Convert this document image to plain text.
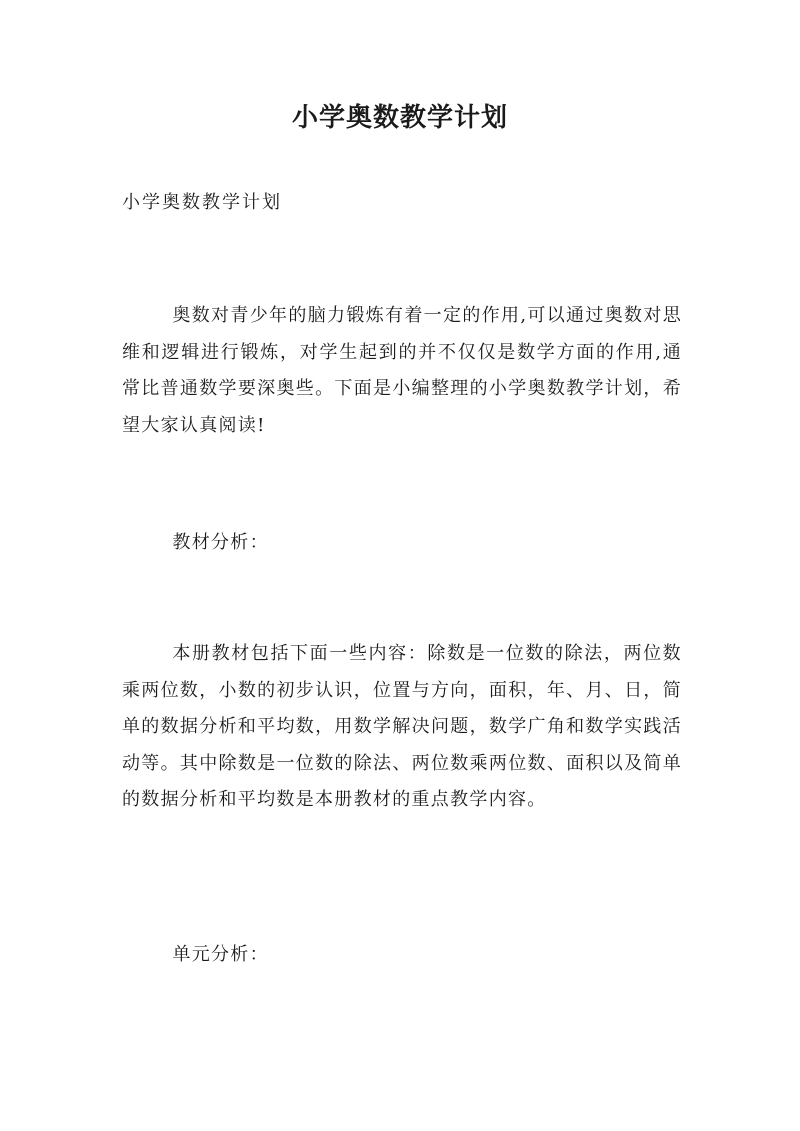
小学奥数教学计划
小学奥数教学计划
奥数对青少年的脑力锻炼有着一定的作用,可以通过奥数对思维和逻辑进行锻炼，对学生起到的并不仅仅是数学方面的作用,通常比普通数学要深奥些。下面是小编整理的小学奥数教学计划，希望大家认真阅读!
教材分析：
本册教材包括下面一些内容：除数是一位数的除法，两位数乘两位数，小数的初步认识，位置与方向，面积，年、月、日，简单的数据分析和平均数，用数学解决问题，数学广角和数学实践活动等。其中除数是一位数的除法、两位数乘两位数、面积以及简单的数据分析和平均数是本册教材的重点教学内容。
单元分析：
